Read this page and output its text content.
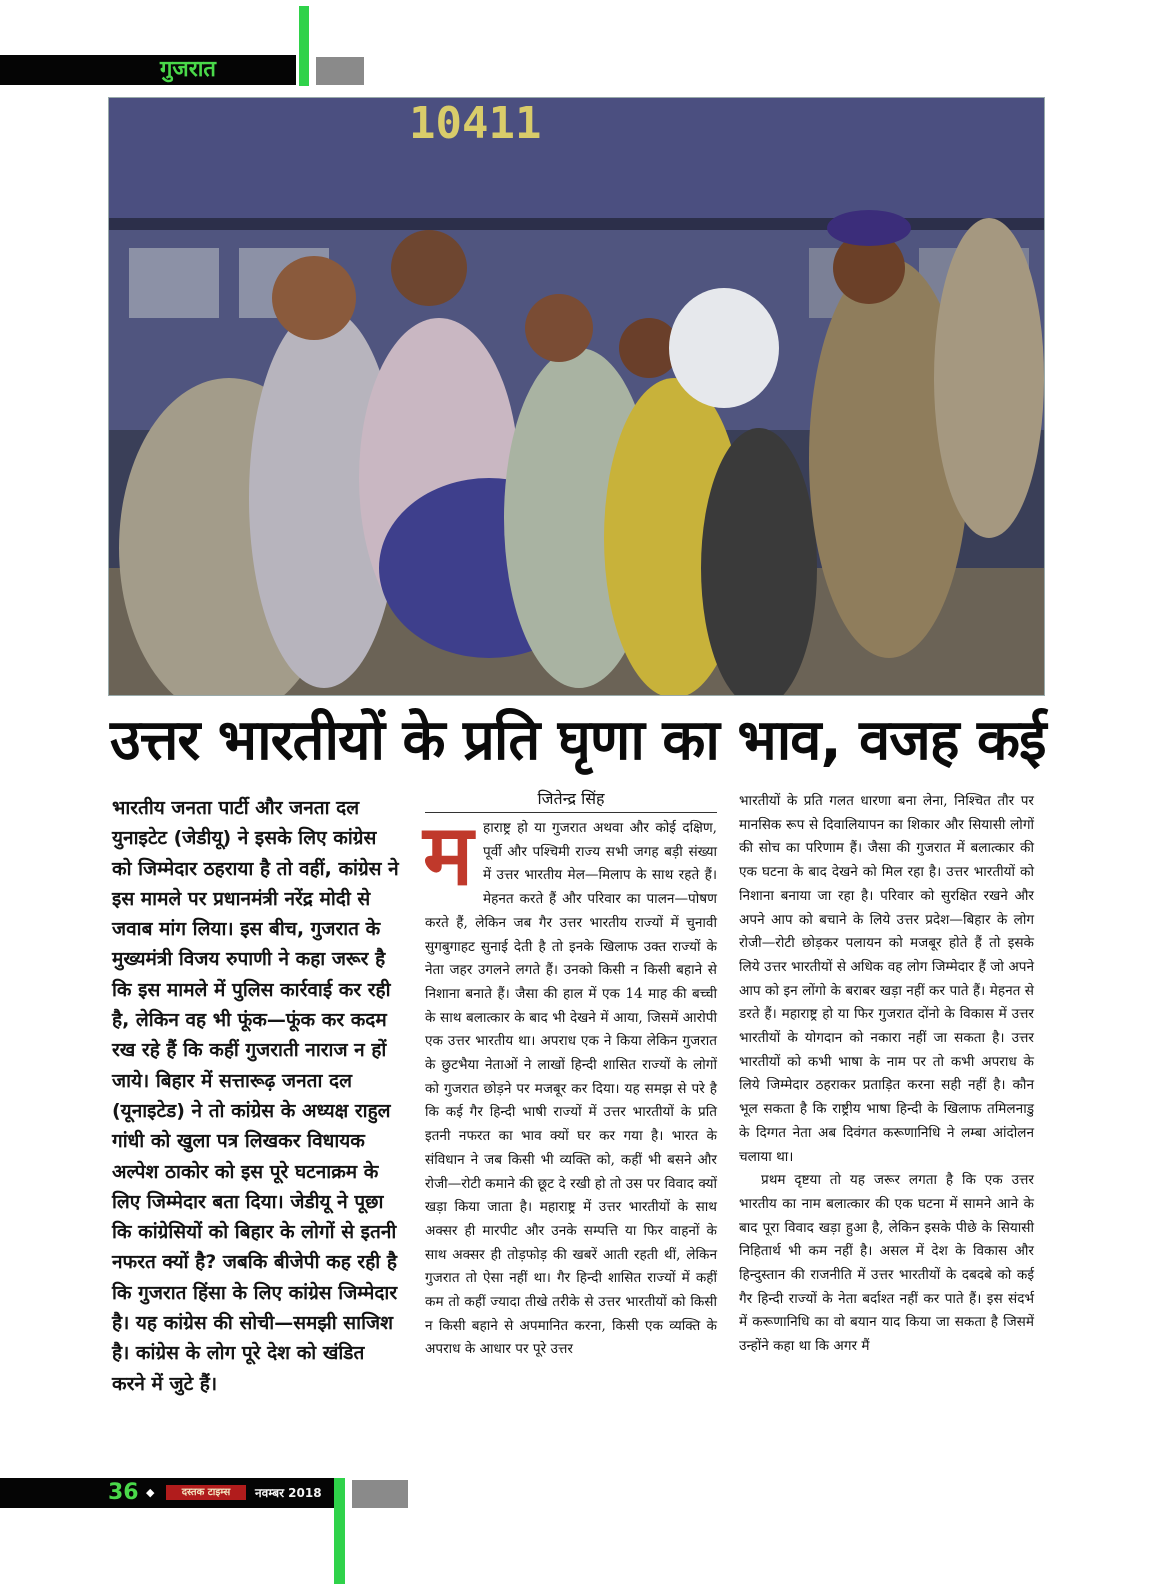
गुजरात
10411
उत्तर भारतीयों के प्रति घृणा का भाव, वजह कई

भारतीय जनता पार्टी और जनता दल युनाइटेट (जेडीयू) ने इसके लिए कांग्रेस को जिम्मेदार ठहराया है तो वहीं, कांग्रेस ने इस मामले पर प्रधानमंत्री नरेंद्र मोदी से जवाब मांग लिया। इस बीच, गुजरात के मुख्यमंत्री विजय रुपाणी ने कहा जरूर है कि इस मामले में पुलिस कार्रवाई कर रही है, लेकिन वह भी फूंक—फूंक कर कदम रख रहे हैं कि कहीं गुजराती नाराज न हों जाये। बिहार में सत्तारूढ़ जनता दल (यूनाइटेड) ने तो कांग्रेस के अध्यक्ष राहुल गांधी को खुला पत्र लिखकर विधायक अल्पेश ठाकोर को इस पूरे घटनाक्रम के लिए जिम्मेदार बता दिया। जेडीयू ने पूछा कि कांग्रेसियों को बिहार के लोगों से इतनी नफरत क्यों है? जबकि बीजेपी कह रही है कि गुजरात हिंसा के लिए कांग्रेस जिम्मेदार है। यह कांग्रेस की सोची—समझी साजिश है। कांग्रेस के लोग पूरे देश को खंडित करने में जुटे हैं।

जितेन्द्र सिंह
म हाराष्ट्र हो या गुजरात अथवा और कोई दक्षिण, पूर्वी और पश्चिमी राज्य सभी जगह बड़ी संख्या में उत्तर भारतीय मेल—मिलाप के साथ रहते हैं। मेहनत करते हैं और परिवार का पालन—पोषण करते हैं, लेकिन जब गैर उत्तर भारतीय राज्यों में चुनावी सुगबुगाहट सुनाई देती है तो इनके खिलाफ उक्त राज्यों के नेता जहर उगलने लगते हैं। उनको किसी न किसी बहाने से निशाना बनाते हैं। जैसा की हाल में एक 14 माह की बच्ची के साथ बलात्कार के बाद भी देखने में आया, जिसमें आरोपी एक उत्तर भारतीय था। अपराध एक ने किया लेकिन गुजरात के छुटभैया नेताओं ने लाखों हिन्दी शासित राज्यों के लोगों को गुजरात छोड़ने पर मजबूर कर दिया। यह समझ से परे है कि कई गैर हिन्दी भाषी राज्यों में उत्तर भारतीयों के प्रति इतनी नफरत का भाव क्यों घर कर गया है। भारत के संविधान ने जब किसी भी व्यक्ति को, कहीं भी बसने और रोजी—रोटी कमाने की छूट दे रखी हो तो उस पर विवाद क्यों खड़ा किया जाता है। महाराष्ट्र में उत्तर भारतीयों के साथ अक्सर ही मारपीट और उनके सम्पत्ति या फिर वाहनों के साथ अक्सर ही तोड़फोड़ की खबरें आती रहती थीं, लेकिन गुजरात तो ऐसा नहीं था। गैर हिन्दी शासित राज्यों में कहीं कम तो कहीं ज्यादा तीखे तरीके से उत्तर भारतीयों को किसी न किसी बहाने से अपमानित करना, किसी एक व्यक्ति के अपराध के आधार पर पूरे उत्तर

भारतीयों के प्रति गलत धारणा बना लेना, निश्चित तौर पर मानसिक रूप से दिवालियापन का शिकार और सियासी लोगों की सोच का परिणाम हैं। जैसा की गुजरात में बलात्कार की एक घटना के बाद देखने को मिल रहा है। उत्तर भारतीयों को निशाना बनाया जा रहा है। परिवार को सुरक्षित रखने और अपने आप को बचाने के लिये उत्तर प्रदेश—बिहार के लोग रोजी—रोटी छोड़कर पलायन को मजबूर होते हैं तो इसके लिये उत्तर भारतीयों से अधिक वह लोग जिम्मेदार हैं जो अपने आप को इन लोंगो के बराबर खड़ा नहीं कर पाते हैं। मेहनत से डरते हैं। महाराष्ट्र हो या फिर गुजरात दोंनो के विकास में उत्तर भारतीयों के योगदान को नकारा नहीं जा सकता है। उत्तर भारतीयों को कभी भाषा के नाम पर तो कभी अपराध के लिये जिम्मेदार ठहराकर प्रताड़ित करना सही नहीं है। कौन भूल सकता है कि राष्ट्रीय भाषा हिन्दी के खिलाफ तमिलनाडु के दिग्गत नेता अब दिवंगत करूणानिधि ने लम्बा आंदोलन चलाया था।

प्रथम दृष्टया तो यह जरूर लगता है कि एक उत्तर भारतीय का नाम बलात्कार की एक घटना में सामने आने के बाद पूरा विवाद खड़ा हुआ है, लेकिन इसके पीछे के सियासी निहितार्थ भी कम नहीं है। असल में देश के विकास और हिन्दुस्तान की राजनीति में उत्तर भारतीयों के दबदबे को कई गैर हिन्दी राज्यों के नेता बर्दाश्त नहीं कर पाते हैं। इस संदर्भ में करूणानिधि का वो बयान याद किया जा सकता है जिसमें उन्होंने कहा था कि अगर मैं

36 ◆	दस्तक टाइम्स	नवम्बर 2018
